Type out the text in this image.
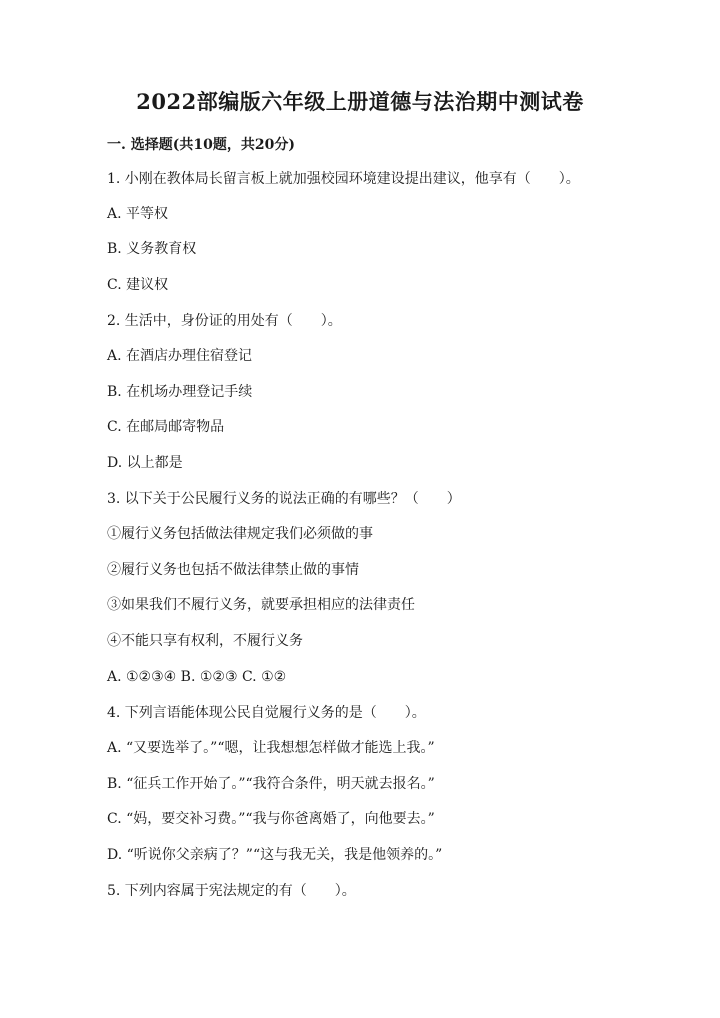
2022部编版六年级上册道德与法治期中测试卷
一. 选择题(共10题，共20分)
1. 小刚在教体局长留言板上就加强校园环境建设提出建议，他享有（　　）。
A. 平等权
B. 义务教育权
C. 建议权
2. 生活中，身份证的用处有（　　）。
A. 在酒店办理住宿登记
B. 在机场办理登记手续
C. 在邮局邮寄物品
D. 以上都是
3. 以下关于公民履行义务的说法正确的有哪些？（　　）
①履行义务包括做法律规定我们必须做的事
②履行义务也包括不做法律禁止做的事情
③如果我们不履行义务，就要承担相应的法律责任
④不能只享有权利，不履行义务
A. ①②③④ B. ①②③ C. ①②
4. 下列言语能体现公民自觉履行义务的是（　　）。
A. “又要选举了。”“嗯，让我想想怎样做才能选上我。”
B. “征兵工作开始了。”“我符合条件，明天就去报名。”
C. “妈，要交补习费。”“我与你爸离婚了，向他要去。”
D. “听说你父亲病了？”“这与我无关，我是他领养的。”
5. 下列内容属于宪法规定的有（　　）。
